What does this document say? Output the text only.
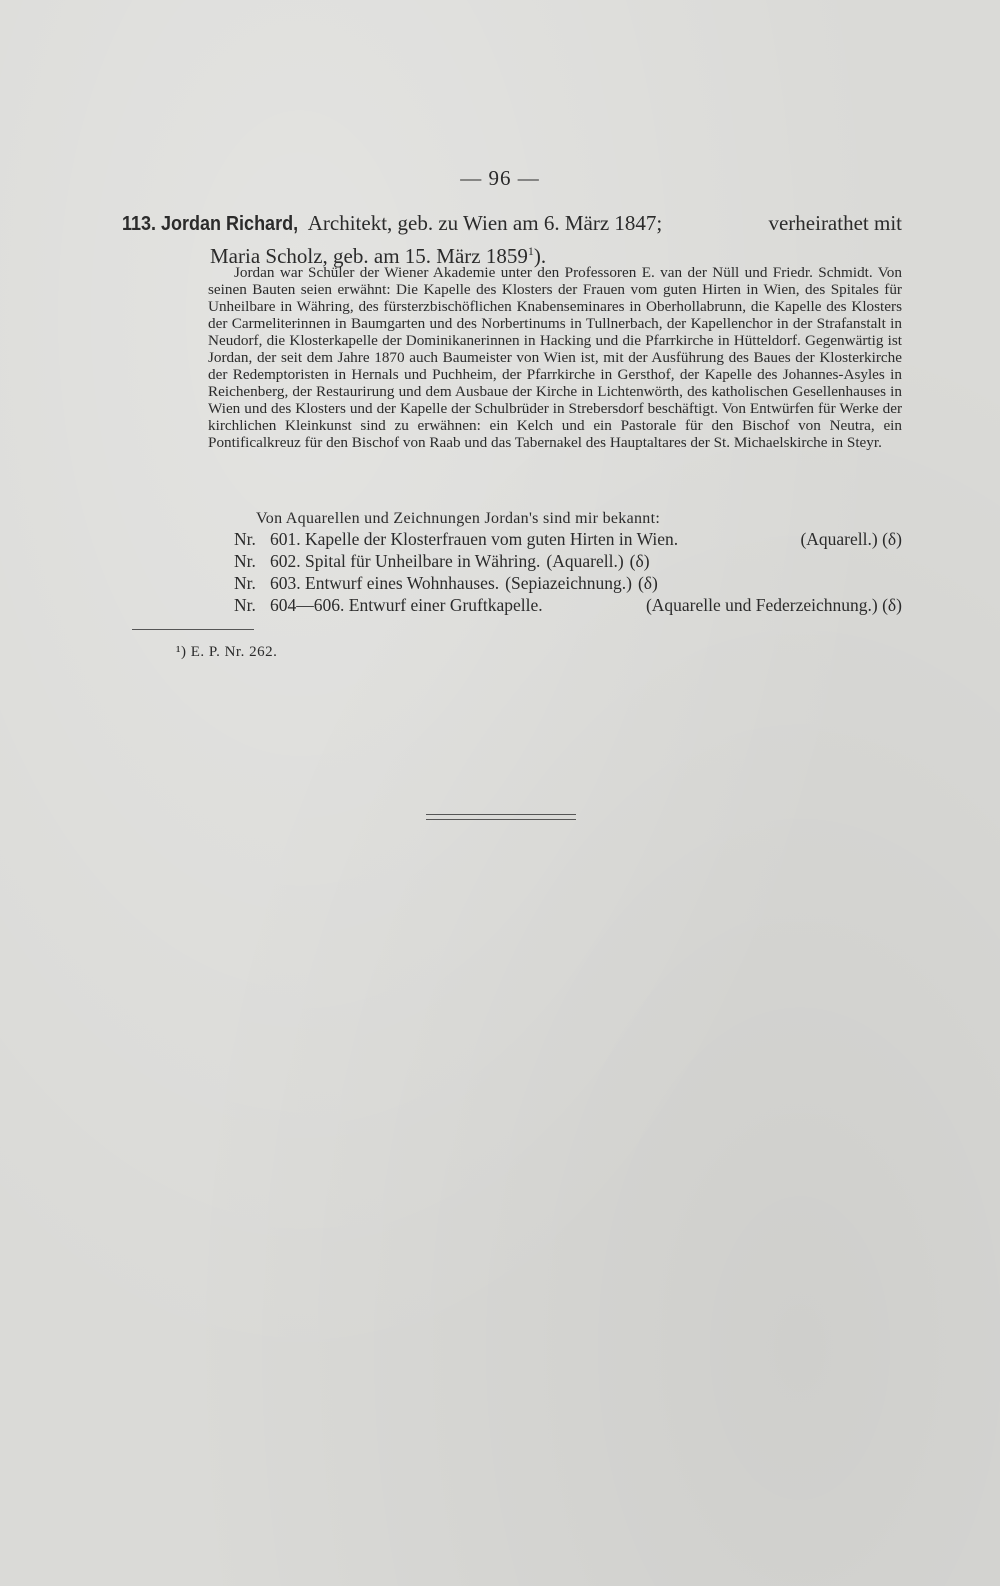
— 96 —
113. Jordan Richard, Architekt, geb. zu Wien am 6. März 1847;	verheirathet mit
Maria Scholz, geb. am 15. März 1859$^1$).
Jordan war Schüler der Wiener Akademie unter den Professoren E. van der Nüll und Friedr. Schmidt. Von seinen Bauten seien erwähnt: Die Kapelle des Klosters der Frauen vom guten Hirten in Wien, des Spitales für Unheilbare in Währing, des fürsterzbischöflichen Knabenseminares in Oberhollabrunn, die Kapelle des Klosters der Carmeliterinnen in Baumgarten und des Norbertinums in Tullnerbach, der Kapellenchor in der Strafanstalt in Neudorf, die Klosterkapelle der Dominikanerinnen in Hacking und die Pfarrkirche in Hütteldorf. Gegenwärtig ist Jordan, der seit dem Jahre 1870 auch Baumeister von Wien ist, mit der Ausführung des Baues der Klosterkirche der Redemptoristen in Hernals und Puchheim, der Pfarrkirche in Gersthof, der Kapelle des Johannes-Asyles in Reichenberg, der Restaurirung und dem Ausbaue der Kirche in Lichtenwörth, des katholischen Gesellenhauses in Wien und des Klosters und der Kapelle der Schulbrüder in Strebersdorf beschäftigt. Von Entwürfen für Werke der kirchlichen Kleinkunst sind zu erwähnen: ein Kelch und ein Pastorale für den Bischof von Neutra, ein Pontificalkreuz für den Bischof von Raab und das Tabernakel des Hauptaltares der St. Michaelskirche in Steyr.
Von Aquarellen und Zeichnungen Jordan's sind mir bekannt:
Nr. 601. Kapelle der Klosterfrauen vom guten Hirten in Wien.	(Aquarell.) (δ)
Nr. 602. Spital für Unheilbare in Währing. (Aquarell.) (δ)
Nr. 603. Entwurf eines Wohnhauses. (Sepiazeichnung.) (δ)
Nr. 604—606. Entwurf einer Gruftkapelle.	(Aquarelle und Federzeichnung.) (δ)
¹) E. P. Nr. 262.
